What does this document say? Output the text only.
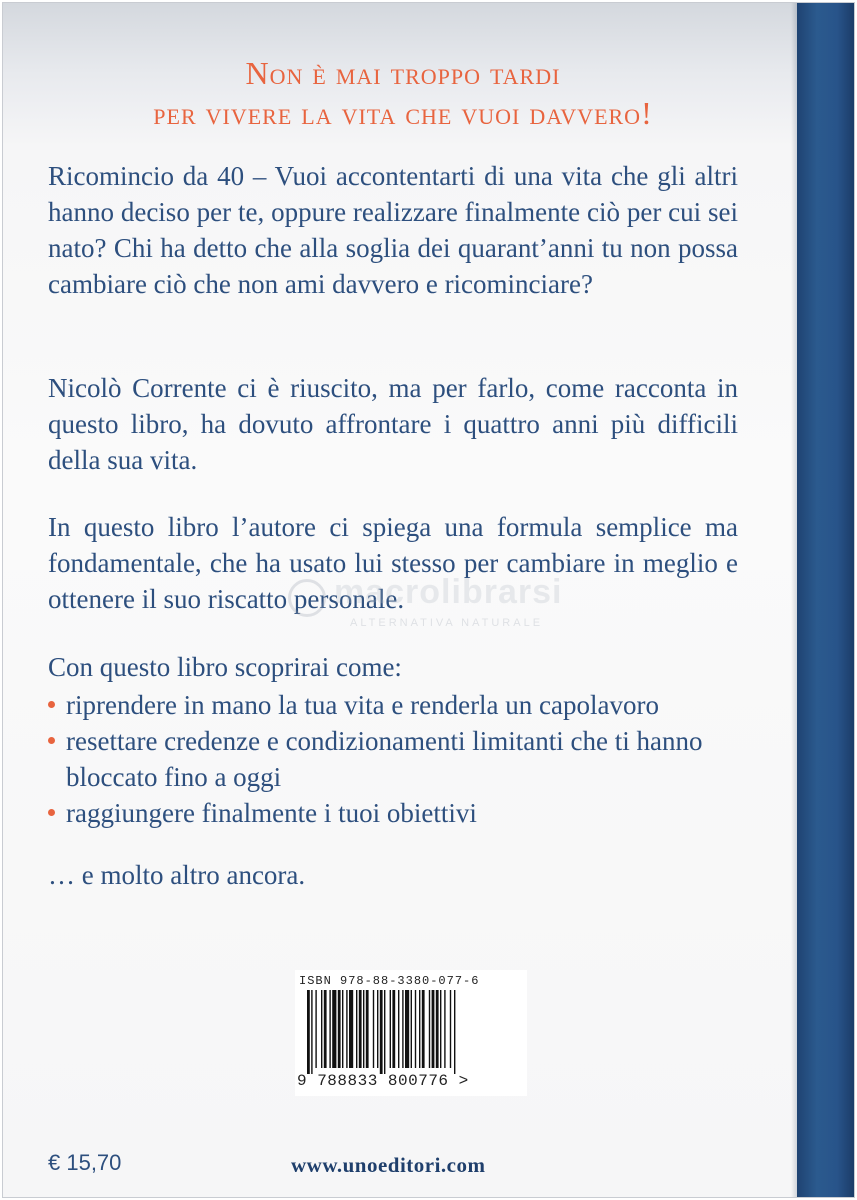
Non è mai troppo tardi
per vivere la vita che vuoi davvero!

Ricomincio da 40 – Vuoi accontentarti di una vita che gli altri hanno deciso per te, oppure realizzare finalmente ciò per cui sei nato? Chi ha detto che alla soglia dei quarant’anni tu non possa cambiare ciò che non ami davvero e ricominciare?

Nicolò Corrente ci è riuscito, ma per farlo, come racconta in questo libro, ha dovuto affrontare i quattro anni più difficili della sua vita.

In questo libro l’autore ci spiega una formula semplice ma fondamentale, che ha usato lui stesso per cambiare in meglio e ottenere il suo riscatto personale.

macrolibrarsi
ALTERNATIVA NATURALE

Con questo libro scoprirai come:

riprendere in mano la tua vita e renderla un capolavoro
resettare credenze e condizionamenti limitanti che ti hanno bloccato fino a oggi
raggiungere finalmente i tuoi obiettivi

… e molto altro ancora.

ISBN 978-88-3380-077-6
9 788833 800776 >
€ 15,70	www.unoeditori.com
